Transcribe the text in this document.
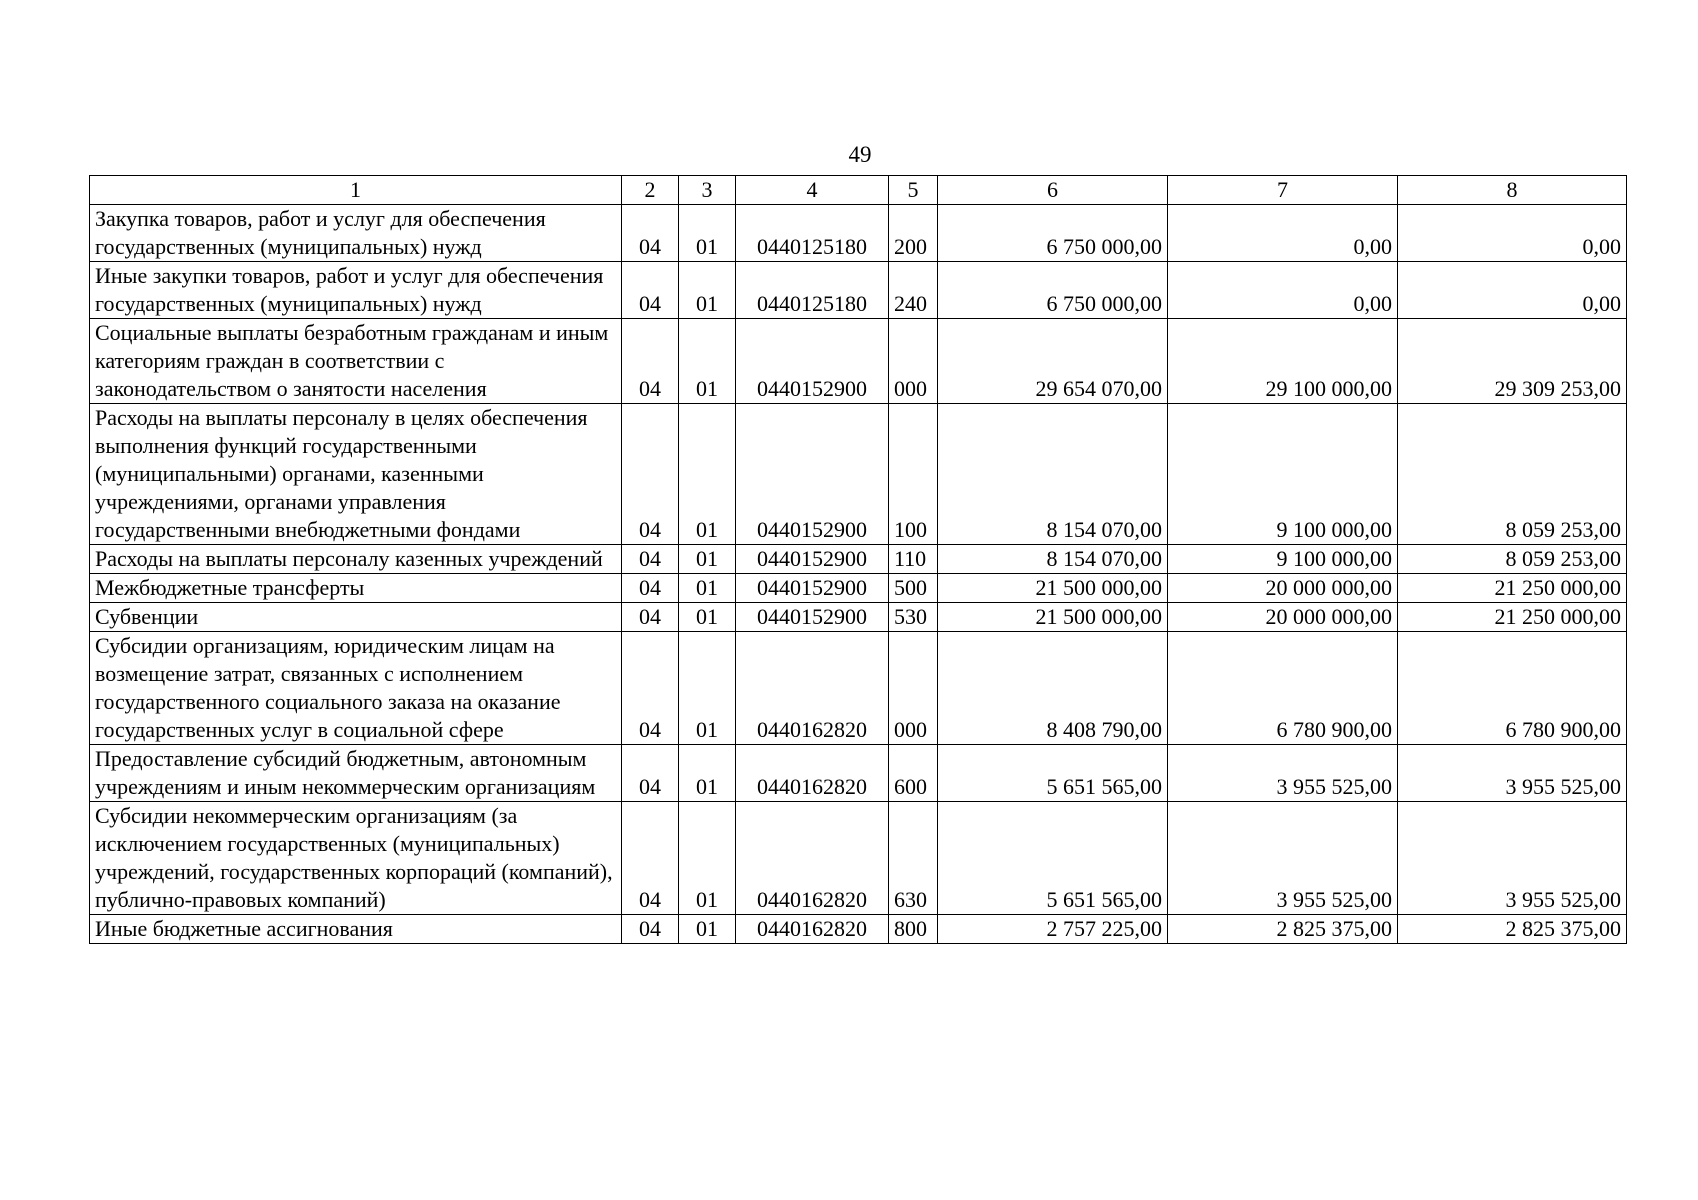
49
1	2	3	4	5	6	7	8
Закупка товаров, работ и услуг для обеспечения государственных (муниципальных) нужд	04	01	0440125180	200	6 750 000,00	0,00	0,00
Иные закупки товаров, работ и услуг для обеспечения государственных (муниципальных) нужд	04	01	0440125180	240	6 750 000,00	0,00	0,00
Социальные выплаты безработным гражданам и иным категориям граждан в соответствии с законодательством о занятости населения	04	01	0440152900	000	29 654 070,00	29 100 000,00	29 309 253,00
Расходы на выплаты персоналу в целях обеспечения выполнения функций государственными (муниципальными) органами, казенными учреждениями, органами управления государственными внебюджетными фондами	04	01	0440152900	100	8 154 070,00	9 100 000,00	8 059 253,00
Расходы на выплаты персоналу казенных учреждений	04	01	0440152900	110	8 154 070,00	9 100 000,00	8 059 253,00
Межбюджетные трансферты	04	01	0440152900	500	21 500 000,00	20 000 000,00	21 250 000,00
Субвенции	04	01	0440152900	530	21 500 000,00	20 000 000,00	21 250 000,00
Субсидии организациям, юридическим лицам на возмещение затрат, связанных с исполнением государственного социального заказа на оказание государственных услуг в социальной сфере	04	01	0440162820	000	8 408 790,00	6 780 900,00	6 780 900,00
Предоставление субсидий бюджетным, автономным учреждениям и иным некоммерческим организациям	04	01	0440162820	600	5 651 565,00	3 955 525,00	3 955 525,00
Субсидии некоммерческим организациям (за исключением государственных (муниципальных) учреждений, государственных корпораций (компаний), публично-правовых компаний)	04	01	0440162820	630	5 651 565,00	3 955 525,00	3 955 525,00
Иные бюджетные ассигнования	04	01	0440162820	800	2 757 225,00	2 825 375,00	2 825 375,00
